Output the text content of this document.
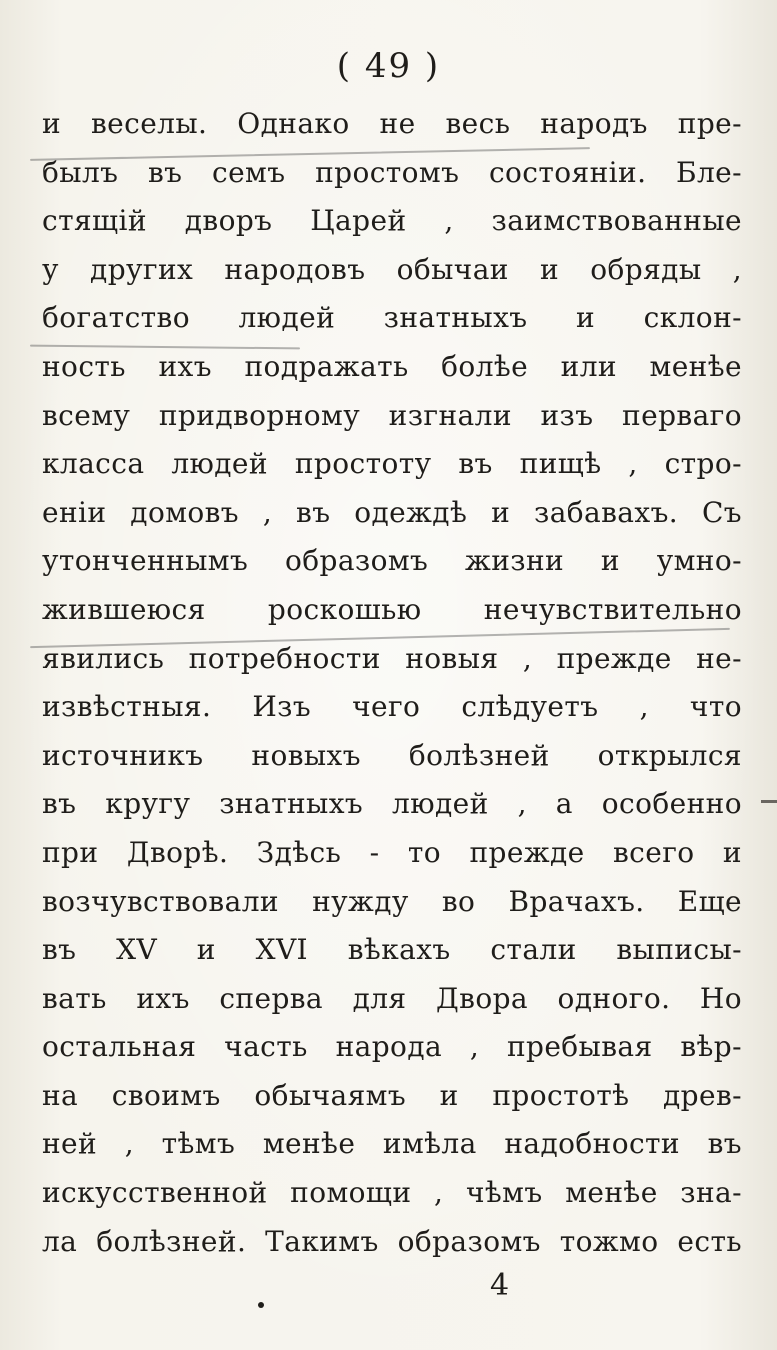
( 49 )
и веселы. Однако не весь народъ пре-
былъ въ семъ простомъ состоянiи. Бле-
стящiй дворъ Царей , заимствованные
у других народовъ обычаи и обряды ,
богатство людей знатныхъ и склон-
ность ихъ подражать болѣе или менѣе
всему придворному изгнали изъ перваго
класса людей простоту въ пищѣ , стро-
енiи домовъ , въ одеждѣ и забавахъ. Съ
утонченнымъ образомъ жизни и умно-
жившеюся роскошью нечувствительно
явились потребности новыя , прежде не-
извѣстныя. Изъ чего слѣдуетъ , что
источникъ новыхъ болѣзней открылся
въ кругу знатныхъ людей , а особенно
при Дворѣ. Здѣсь - то прежде всего и
возчувствовали нужду во Врачахъ. Еще
въ XV и XVI вѣкахъ стали выписы-
вать ихъ сперва для Двора одного. Но
остальная часть народа , пребывая вѣр-
на своимъ обычаямъ и простотѣ древ-
ней , тѣмъ менѣе имѣла надобности въ
искусственной помощи , чѣмъ менѣе зна-
ла болѣзней. Такимъ образомъ тожмо есть
4
